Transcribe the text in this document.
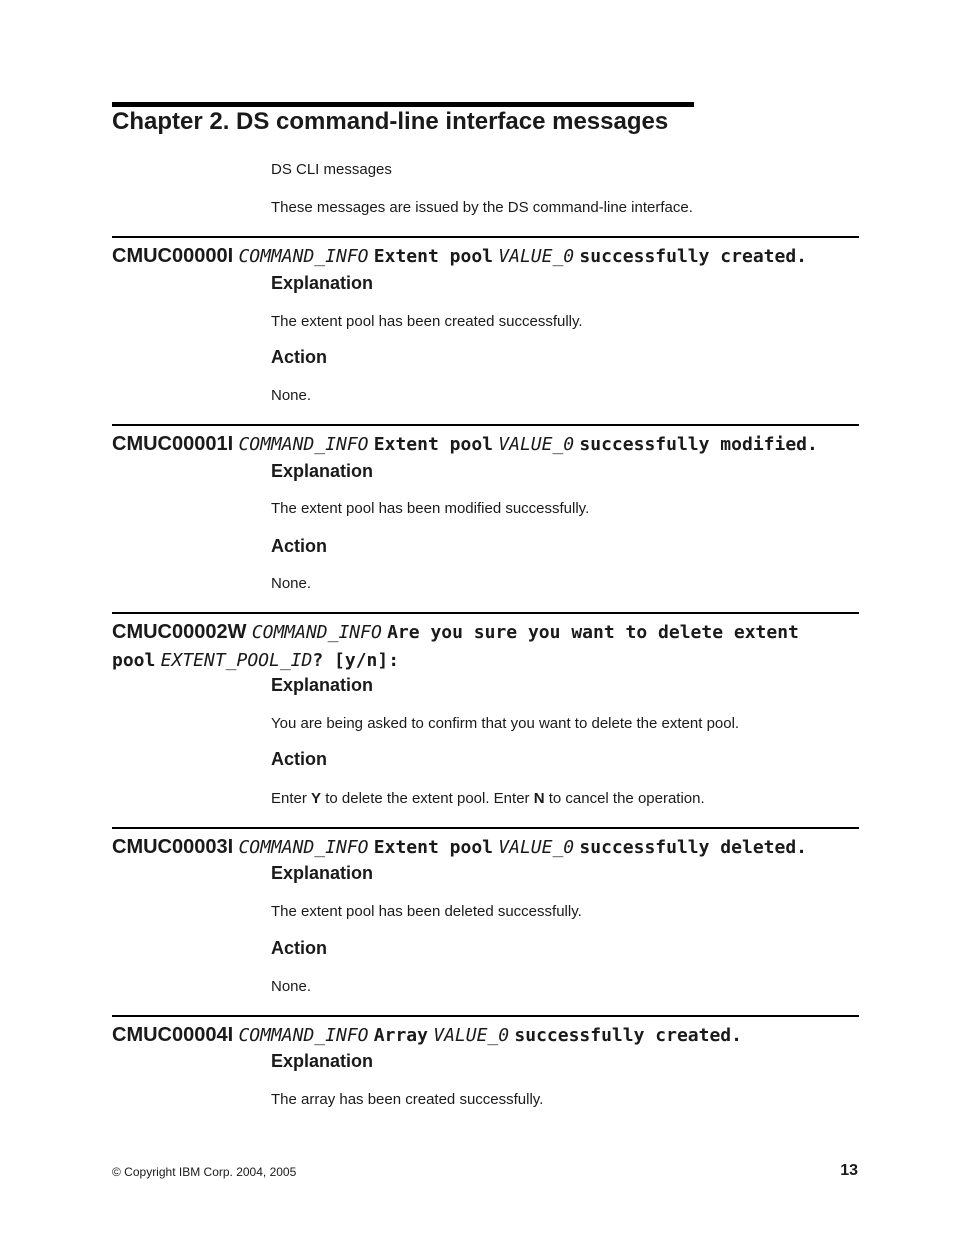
Chapter 2. DS command-line interface messages

DS CLI messages

These messages are issued by the DS command-line interface.

CMUC00000I COMMAND_INFO Extent pool VALUE_0 successfully created.

Explanation

The extent pool has been created successfully.

Action

None.

CMUC00001I COMMAND_INFO Extent pool VALUE_0 successfully modified.

Explanation

The extent pool has been modified successfully.

Action

None.

CMUC00002W COMMAND_INFO Are you sure you want to delete extent
pool EXTENT_POOL_ID? [y/n]:

Explanation

You are being asked to confirm that you want to delete the extent pool.

Action

Enter Y to delete the extent pool. Enter N to cancel the operation.

CMUC00003I COMMAND_INFO Extent pool VALUE_0 successfully deleted.

Explanation

The extent pool has been deleted successfully.

Action

None.

CMUC00004I COMMAND_INFO Array VALUE_0 successfully created.

Explanation

The array has been created successfully.

© Copyright IBM Corp. 2004, 2005	13
